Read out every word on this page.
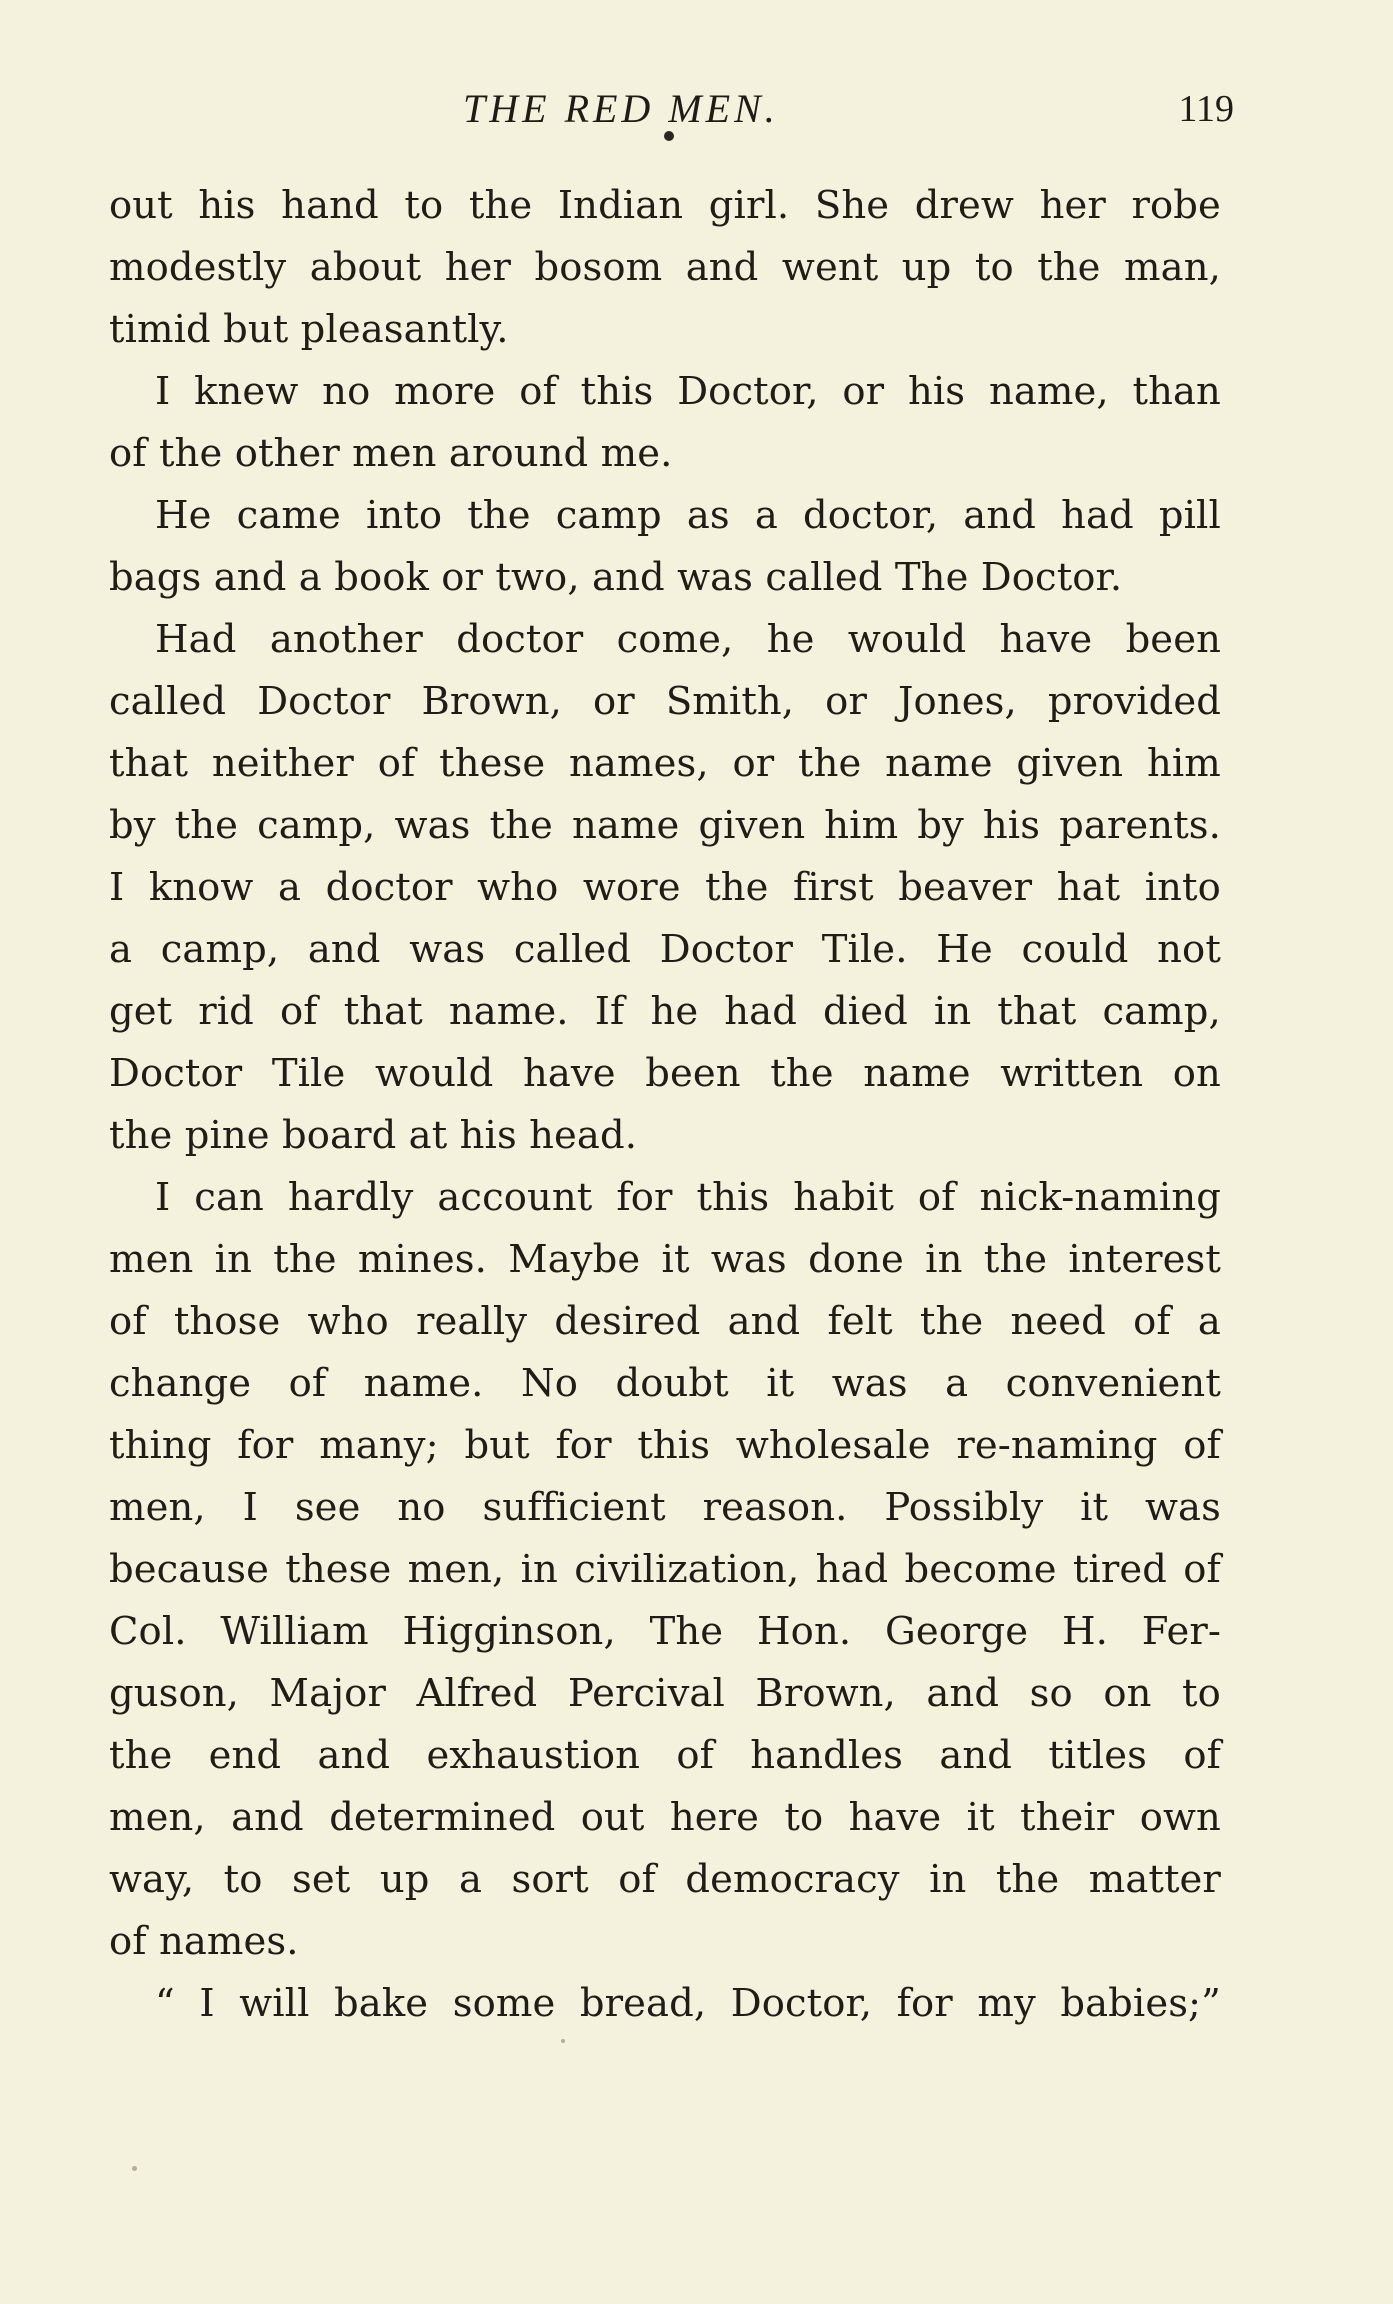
THE RED MEN.	119
out his hand to the Indian girl. She drew her robe
modestly about her bosom and went up to the man,
timid
but
pleasantly.
I knew no more of this Doctor, or his name, than
of
the
other
men
around
me.
He came into the camp as a doctor, and had pill
bags
and
a
book
or
two,
and
was
called
The
Doctor.
Had another doctor come, he would have been
called Doctor Brown, or Smith, or Jones, provided
that neither of these names, or the name given him
by the camp, was the name given him by his parents.
I know a doctor who wore the first beaver hat into
a camp, and was called Doctor Tile. He could not
get rid of that name. If he had died in that camp,
Doctor Tile would have been the name written on
the
pine
board
at
his
head.
I can hardly account for this habit of nick-naming
men in the mines. Maybe it was done in the interest
of those who really desired and felt the need of a
change of name. No doubt it was a convenient
thing for many; but for this wholesale re-naming of
men, I see no sufficient reason. Possibly it was
because these men, in civilization, had become tired of
Col. William Higginson, The Hon. George H. Fer-
guson, Major Alfred Percival Brown, and so on to
the end and exhaustion of handles and titles of
men, and determined out here to have it their own
way, to set up a sort of democracy in the matter
of
names.
“ I will bake some bread, Doctor, for my babies;”
